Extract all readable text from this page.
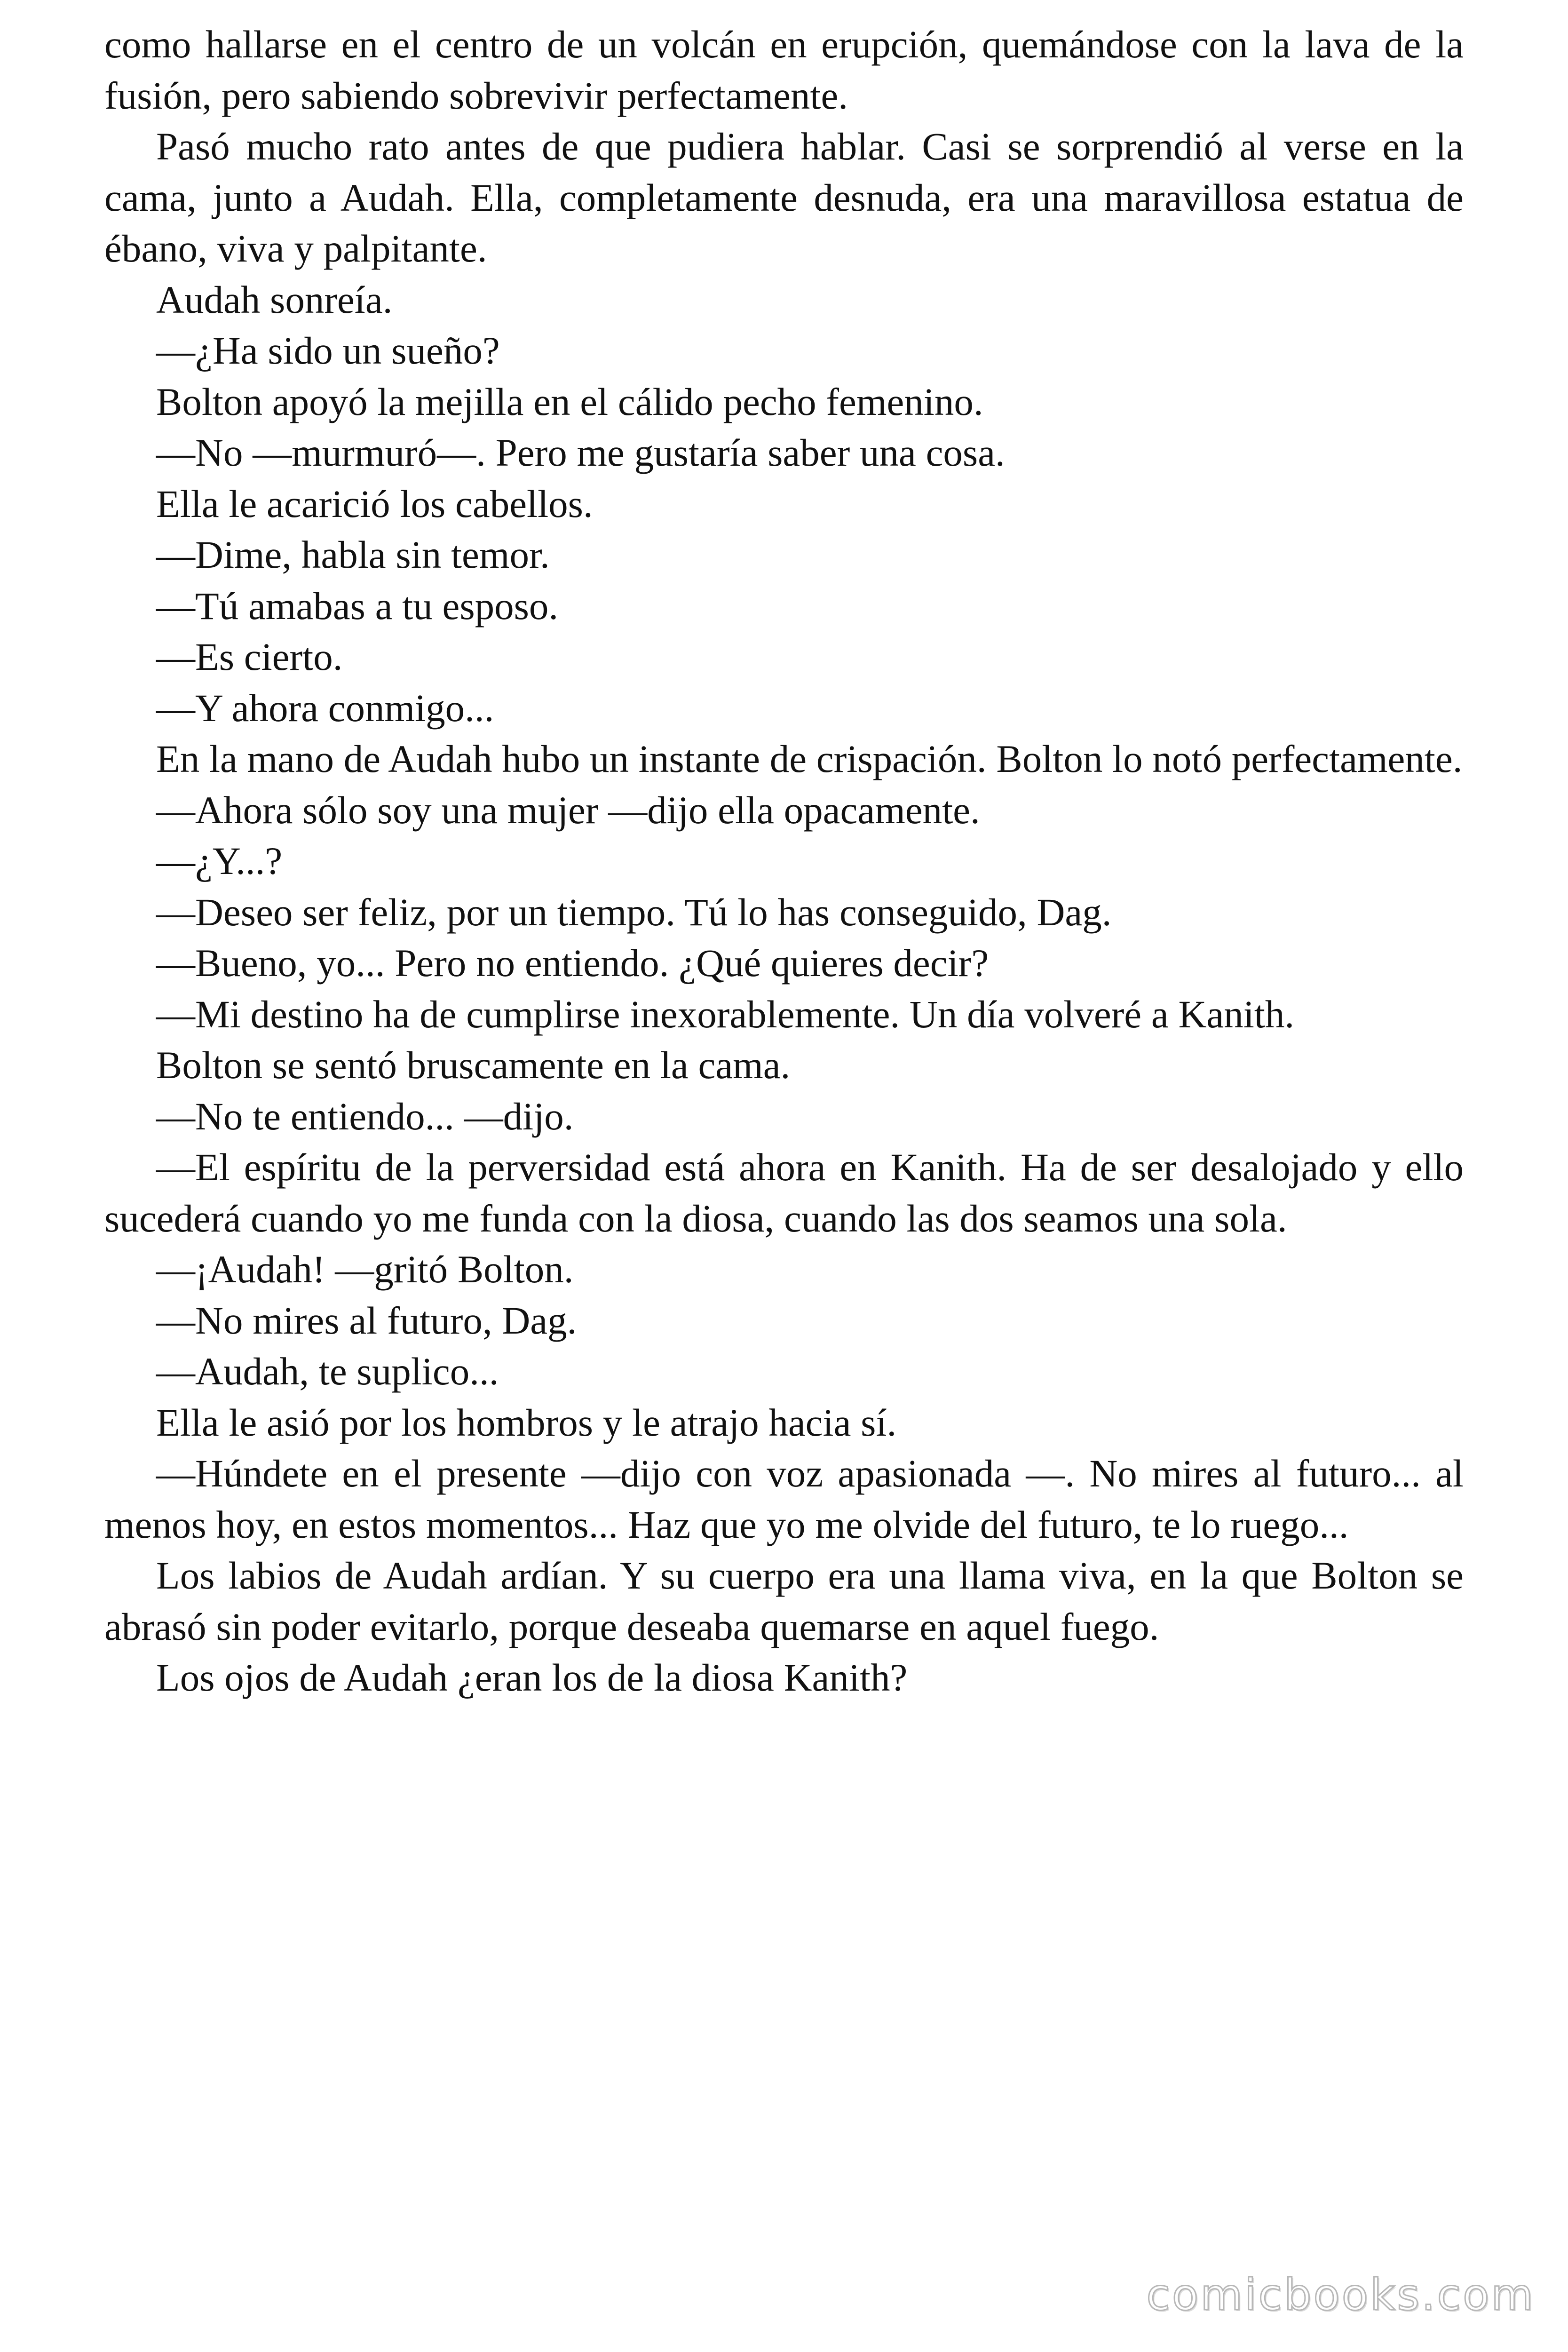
como hallarse en el centro de un volcán en erupción, quemándose con la lava de la fusión, pero sabiendo sobrevivir perfectamente.

Pasó mucho rato antes de que pudiera hablar. Casi se sorprendió al verse en la cama, junto a Audah. Ella, completamente desnuda, era una maravillosa estatua de ébano, viva y palpitante.

Audah sonreía.

—¿Ha sido un sueño?

Bolton apoyó la mejilla en el cálido pecho femenino.

—No —murmuró—. Pero me gustaría saber una cosa.

Ella le acarició los cabellos.

—Dime, habla sin temor.

—Tú amabas a tu esposo.

—Es cierto.

—Y ahora conmigo...

En la mano de Audah hubo un instante de crispación. Bolton lo notó perfectamente.

—Ahora sólo soy una mujer —dijo ella opacamente.

—¿Y...?

—Deseo ser feliz, por un tiempo. Tú lo has conseguido, Dag.

—Bueno, yo... Pero no entiendo. ¿Qué quieres decir?

—Mi destino ha de cumplirse inexorablemente. Un día volveré a Kanith.

Bolton se sentó bruscamente en la cama.

—No te entiendo... —dijo.

—El espíritu de la perversidad está ahora en Kanith. Ha de ser desalojado y ello sucederá cuando yo me funda con la diosa, cuando las dos seamos una sola.

—¡Audah! —gritó Bolton.

—No mires al futuro, Dag.

—Audah, te suplico...

Ella le asió por los hombros y le atrajo hacia sí.

—Húndete en el presente —dijo con voz apasionada —. No mires al futuro... al menos hoy, en estos momentos... Haz que yo me olvide del futuro, te lo ruego...

Los labios de Audah ardían. Y su cuerpo era una llama viva, en la que Bolton se abrasó sin poder evitarlo, porque deseaba quemarse en aquel fuego.

Los ojos de Audah ¿eran los de la diosa Kanith?

comicbooks.com
